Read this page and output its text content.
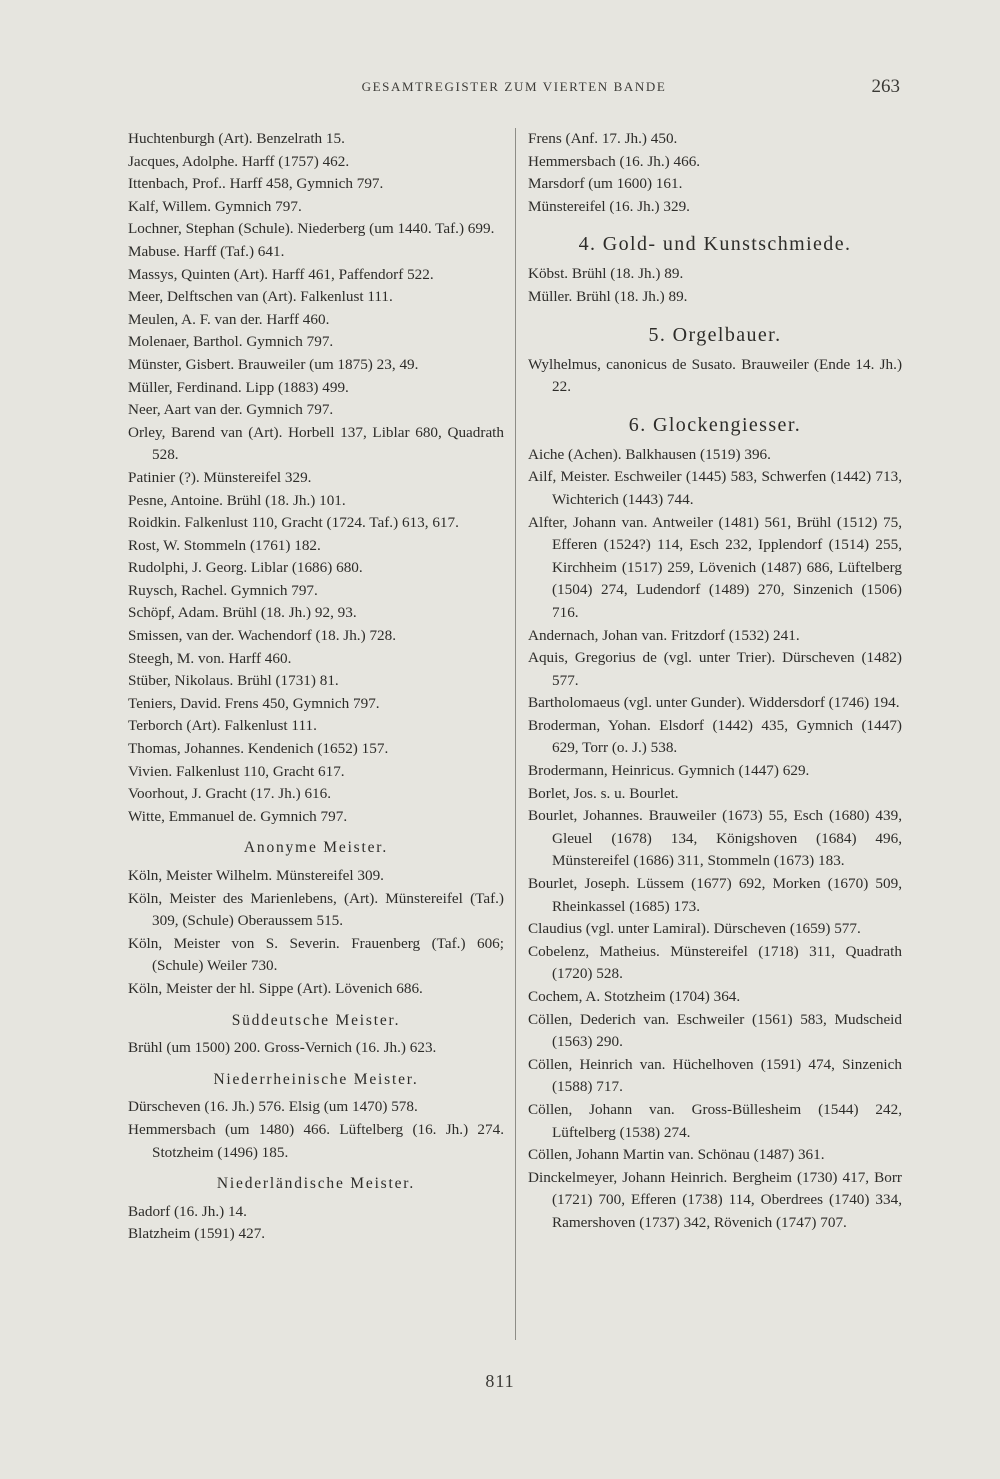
GESAMTREGISTER ZUM VIERTEN BANDE	263

Huchtenburgh (Art). Benzelrath 15.

Jacques, Adolphe. Harff (1757) 462.

Ittenbach, Prof.. Harff 458, Gymnich 797.

Kalf, Willem. Gymnich 797.

Lochner, Stephan (Schule). Niederberg (um 1440. Taf.) 699.

Mabuse. Harff (Taf.) 641.

Massys, Quinten (Art). Harff 461, Paffendorf 522.

Meer, Delftschen van (Art). Falkenlust 111.

Meulen, A. F. van der. Harff 460.

Molenaer, Barthol. Gymnich 797.

Münster, Gisbert. Brauweiler (um 1875) 23, 49.

Müller, Ferdinand. Lipp (1883) 499.

Neer, Aart van der. Gymnich 797.

Orley, Barend van (Art). Horbell 137, Liblar 680, Quadrath 528.

Patinier (?). Münstereifel 329.

Pesne, Antoine. Brühl (18. Jh.) 101.

Roidkin. Falkenlust 110, Gracht (1724. Taf.) 613, 617.

Rost, W. Stommeln (1761) 182.

Rudolphi, J. Georg. Liblar (1686) 680.

Ruysch, Rachel. Gymnich 797.

Schöpf, Adam. Brühl (18. Jh.) 92, 93.

Smissen, van der. Wachendorf (18. Jh.) 728.

Steegh, M. von. Harff 460.

Stüber, Nikolaus. Brühl (1731) 81.

Teniers, David. Frens 450, Gymnich 797.

Terborch (Art). Falkenlust 111.

Thomas, Johannes. Kendenich (1652) 157.

Vivien. Falkenlust 110, Gracht 617.

Voorhout, J. Gracht (17. Jh.) 616.

Witte, Emmanuel de. Gymnich 797.

Anonyme Meister.

Köln, Meister Wilhelm. Münstereifel 309.

Köln, Meister des Marienlebens, (Art). Münstereifel (Taf.) 309, (Schule) Oberaussem 515.

Köln, Meister von S. Severin. Frauenberg (Taf.) 606; (Schule) Weiler 730.

Köln, Meister der hl. Sippe (Art). Lövenich 686.

Süddeutsche Meister.

Brühl (um 1500) 200. Gross-Vernich (16. Jh.) 623.

Niederrheinische Meister.

Dürscheven (16. Jh.) 576. Elsig (um 1470) 578.

Hemmersbach (um 1480) 466. Lüftelberg (16. Jh.) 274. Stotzheim (1496) 185.

Niederländische Meister.

Badorf (16. Jh.) 14.

Blatzheim (1591) 427.

Frens (Anf. 17. Jh.) 450.

Hemmersbach (16. Jh.) 466.

Marsdorf (um 1600) 161.

Münstereifel (16. Jh.) 329.

4. Gold- und Kunstschmiede.

Köbst. Brühl (18. Jh.) 89.

Müller. Brühl (18. Jh.) 89.

5. Orgelbauer.

Wylhelmus, canonicus de Susato. Brauweiler (Ende 14. Jh.) 22.

6. Glockengiesser.

Aiche (Achen). Balkhausen (1519) 396.

Ailf, Meister. Eschweiler (1445) 583, Schwerfen (1442) 713, Wichterich (1443) 744.

Alfter, Johann van. Antweiler (1481) 561, Brühl (1512) 75, Efferen (1524?) 114, Esch 232, Ipplendorf (1514) 255, Kirchheim (1517) 259, Lövenich (1487) 686, Lüftelberg (1504) 274, Ludendorf (1489) 270, Sinzenich (1506) 716.

Andernach, Johan van. Fritzdorf (1532) 241.

Aquis, Gregorius de (vgl. unter Trier). Dürscheven (1482) 577.

Bartholomaeus (vgl. unter Gunder). Widdersdorf (1746) 194.

Broderman, Yohan. Elsdorf (1442) 435, Gymnich (1447) 629, Torr (o. J.) 538.

Brodermann, Heinricus. Gymnich (1447) 629.

Borlet, Jos. s. u. Bourlet.

Bourlet, Johannes. Brauweiler (1673) 55, Esch (1680) 439, Gleuel (1678) 134, Königshoven (1684) 496, Münstereifel (1686) 311, Stommeln (1673) 183.

Bourlet, Joseph. Lüssem (1677) 692, Morken (1670) 509, Rheinkassel (1685) 173.

Claudius (vgl. unter Lamiral). Dürscheven (1659) 577.

Cobelenz, Matheius. Münstereifel (1718) 311, Quadrath (1720) 528.

Cochem, A. Stotzheim (1704) 364.

Cöllen, Dederich van. Eschweiler (1561) 583, Mudscheid (1563) 290.

Cöllen, Heinrich van. Hüchelhoven (1591) 474, Sinzenich (1588) 717.

Cöllen, Johann van. Gross-Büllesheim (1544) 242, Lüftelberg (1538) 274.

Cöllen, Johann Martin van. Schönau (1487) 361.

Dinckelmeyer, Johann Heinrich. Bergheim (1730) 417, Borr (1721) 700, Efferen (1738) 114, Oberdrees (1740) 334, Ramershoven (1737) 342, Rövenich (1747) 707.

811
